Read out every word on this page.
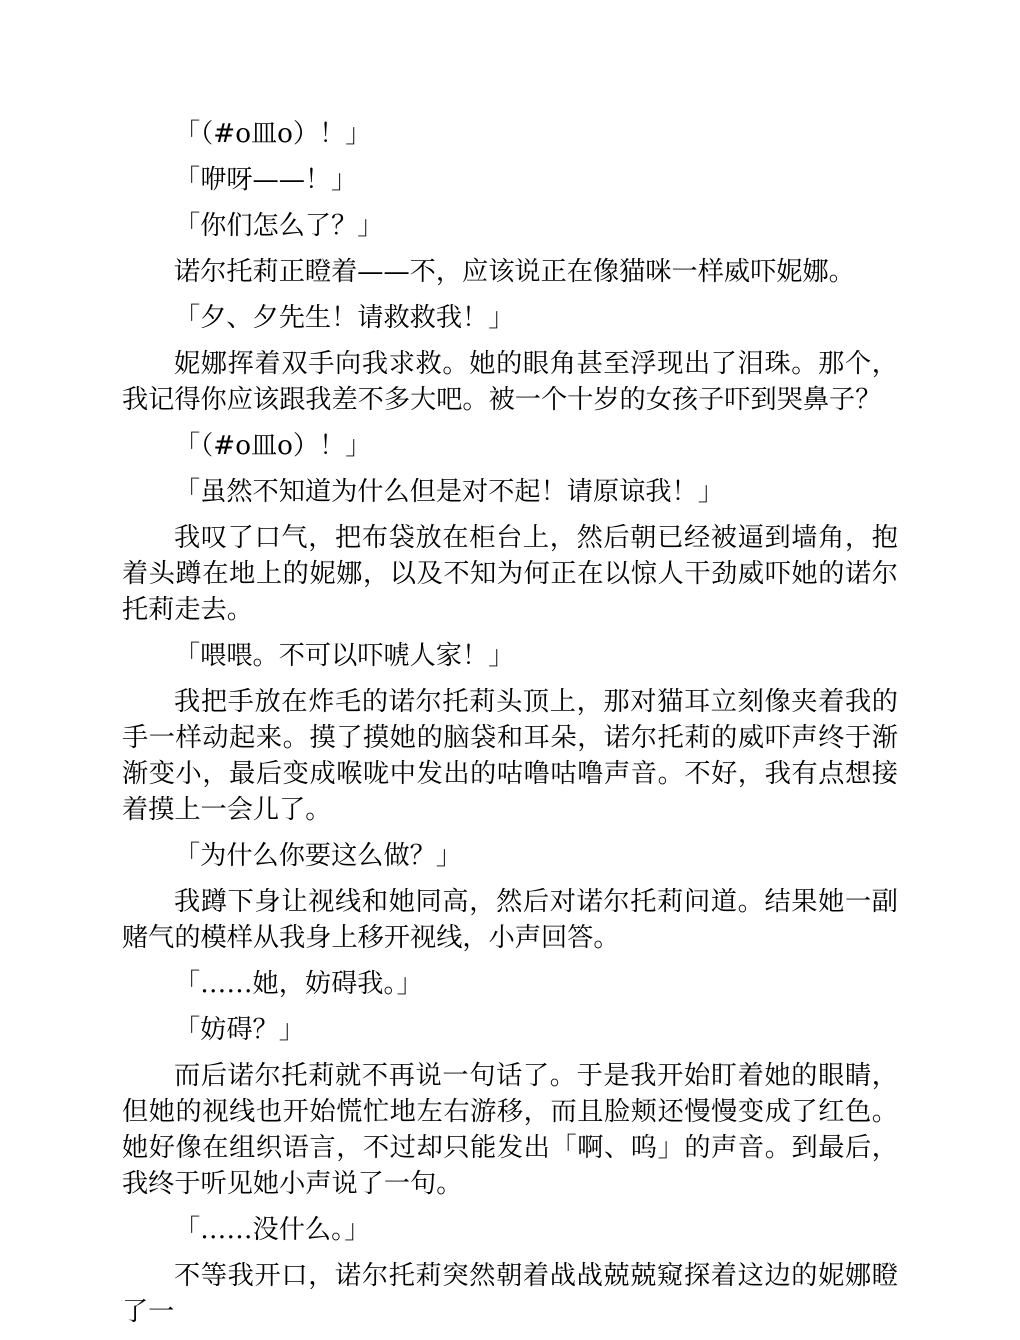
「（#o皿o）！」

「咿呀——！」

「你们怎么了？」

诺尔托莉正瞪着——不，应该说正在像猫咪一样威吓妮娜。

「夕、夕先生！请救救我！」

妮娜挥着双手向我求救。她的眼角甚至浮现出了泪珠。那个，我记得你应该跟我差不多大吧。被一个十岁的女孩子吓到哭鼻子？

「（#o皿o）！」

「虽然不知道为什么但是对不起！请原谅我！」

我叹了口气，把布袋放在柜台上，然后朝已经被逼到墙角，抱着头蹲在地上的妮娜，以及不知为何正在以惊人干劲威吓她的诺尔托莉走去。

「喂喂。不可以吓唬人家！」

我把手放在炸毛的诺尔托莉头顶上，那对猫耳立刻像夹着我的手一样动起来。摸了摸她的脑袋和耳朵，诺尔托莉的威吓声终于渐渐变小，最后变成喉咙中发出的咕噜咕噜声音。不好，我有点想接着摸上一会儿了。

「为什么你要这么做？」

我蹲下身让视线和她同高，然后对诺尔托莉问道。结果她一副赌气的模样从我身上移开视线，小声回答。

「……她，妨碍我。」

「妨碍？」

而后诺尔托莉就不再说一句话了。于是我开始盯着她的眼睛，但她的视线也开始慌忙地左右游移，而且脸颊还慢慢变成了红色。她好像在组织语言，不过却只能发出「啊、呜」的声音。到最后，我终于听见她小声说了一句。

「……没什么。」

不等我开口，诺尔托莉突然朝着战战兢兢窥探着这边的妮娜瞪了一
